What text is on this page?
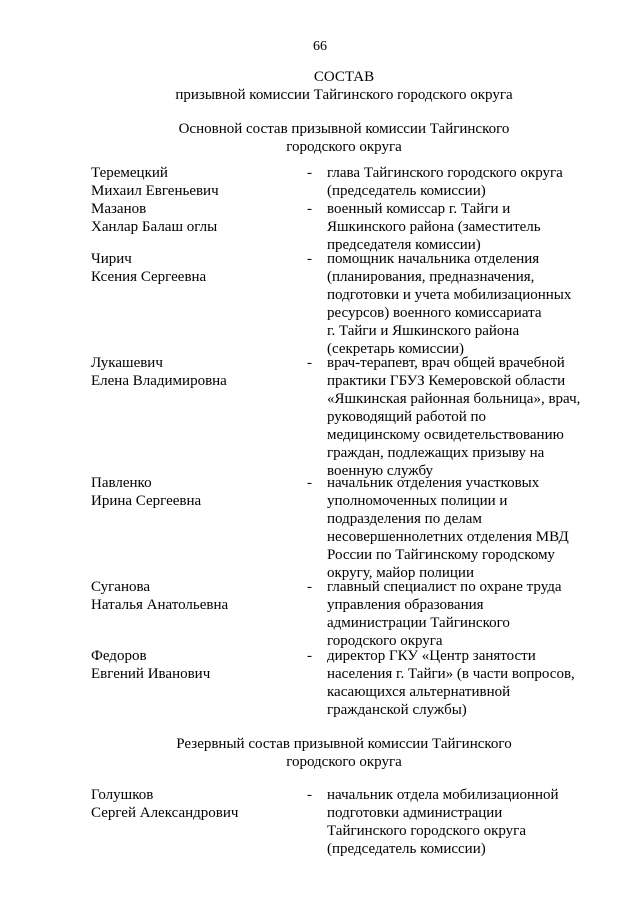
66
СОСТАВ
призывной комиссии Тайгинского городского округа
Основной состав призывной комиссии Тайгинского
городского округа
Теремецкий
Михаил Евгеньевич
- глава Тайгинского городского округа
(председатель комиссии)
Мазанов
Ханлар Балаш оглы
- военный комиссар г. Тайги и
Яшкинского района (заместитель
председателя комиссии)
Чирич
Ксения Сергеевна
- помощник начальника отделения
(планирования, предназначения,
подготовки и учета мобилизационных
ресурсов) военного комиссариата
г. Тайги и Яшкинского района
(секретарь комиссии)
Лукашевич
Елена Владимировна
- врач-терапевт, врач общей врачебной
практики ГБУЗ Кемеровской области
«Яшкинская районная больница», врач,
руководящий работой по
медицинскому освидетельствованию
граждан, подлежащих призыву на
военную службу
Павленко
Ирина Сергеевна
- начальник отделения участковых
уполномоченных полиции и
подразделения по делам
несовершеннолетних отделения МВД
России по Тайгинскому городскому
округу, майор полиции
Суганова
Наталья Анатольевна
- главный специалист по охране труда
управления образования
администрации Тайгинского
городского округа
Федоров
Евгений Иванович
- директор ГКУ «Центр занятости
населения г. Тайги» (в части вопросов,
касающихся альтернативной
гражданской службы)
Резервный состав призывной комиссии Тайгинского
городского округа
Голушков
Сергей Александрович
- начальник отдела мобилизационной
подготовки администрации
Тайгинского городского округа
(председатель комиссии)
